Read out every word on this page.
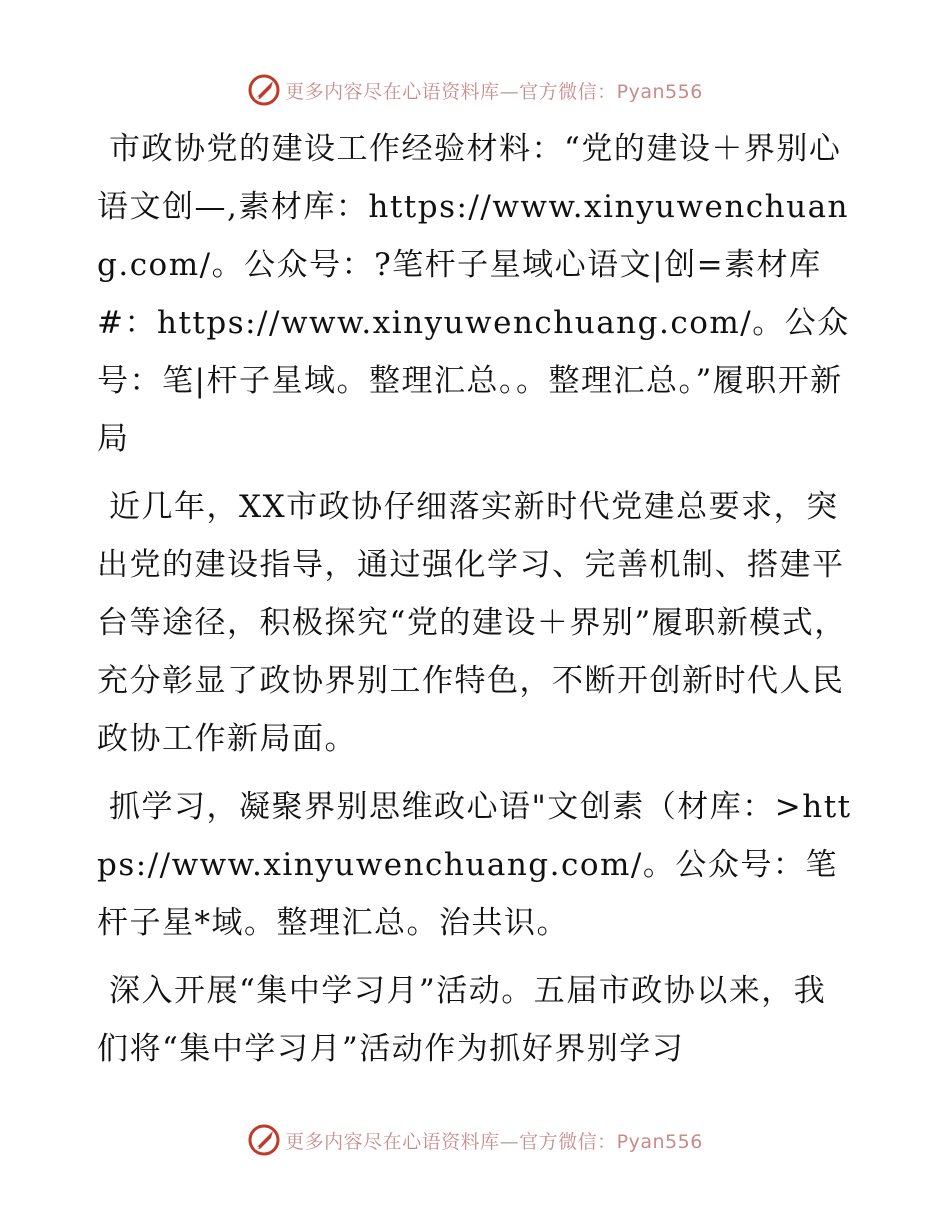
更多内容尽在心语资料库—官方微信：Pyan556

市政协党的建设工作经验材料：“党的建设＋界别心语文创—,素材库：https://www.xinyuwenchuang.com/。公众号：?笔杆子星域心语文|创=素材库#：https://www.xinyuwenchuang.com/。公众号：笔|杆子星域。整理汇总。。整理汇总。”履职开新局

近几年，XX市政协仔细落实新时代党建总要求，突出党的建设指导，通过强化学习、完善机制、搭建平台等途径，积极探究“党的建设＋界别”履职新模式，充分彰显了政协界别工作特色，不断开创新时代人民政协工作新局面。

抓学习，凝聚界别思维政心语"文创素（材库：>https://www.xinyuwenchuang.com/。公众号：笔杆子星*域。整理汇总。治共识。

深入开展“集中学习月”活动。五届市政协以来，我们将“集中学习月”活动作为抓好界别学习

更多内容尽在心语资料库—官方微信：Pyan556
